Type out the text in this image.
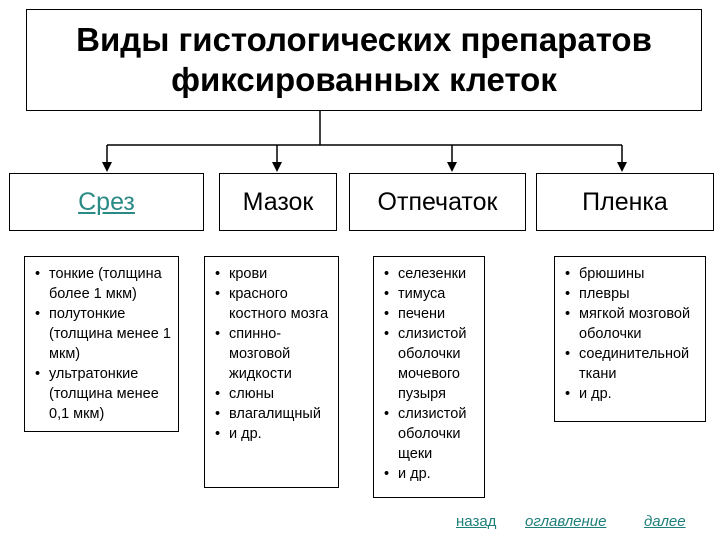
Виды гистологических препаратов
фиксированных клеток
Срез	Мазок	Отпечаток	Пленка
• тонкие (толщина более 1 мкм)
• полутонкие (толщина менее 1 мкм)
• ультратонкие (толщина менее 0,1 мкм)
• крови
• красного костного мозга
• спинно-мозговой жидкости
• слюны
• влагалищный
• и др.
• селезенки
• тимуса
• печени
• слизистой оболочки мочевого пузыря
• слизистой оболочки щеки
• и др.
• брюшины
• плевры
• мягкой мозговой оболочки
• соединительной ткани
• и др.
назад оглавление	далее
